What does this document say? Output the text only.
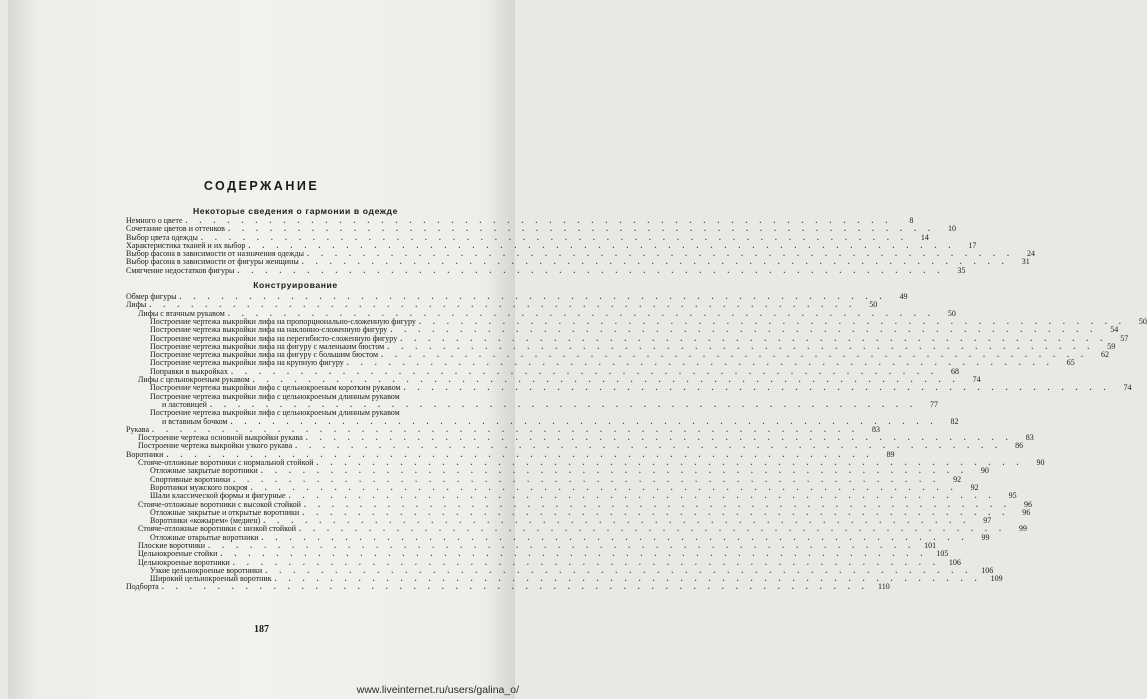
СОДЕРЖАНИЕ
Некоторые сведения о гармонии в одежде
Немного о цвете . . . . . . . . . . . . . . . . . . . . . . . . . . . . . . . . . . . . . . . . . . . . . . . . . . .	8
Сочетание цветов и оттенков . . . . . . . . . . . . . . . . . . . . . . . . . . . . . . . . . . . . . . . . . . . . . . . . . . .	10
Выбор цвета одежды . . . . . . . . . . . . . . . . . . . . . . . . . . . . . . . . . . . . . . . . . . . . . . . . . . .	14
Характеристика тканей и их выбор . . . . . . . . . . . . . . . . . . . . . . . . . . . . . . . . . . . . . . . . . . . . . . . . . . .	17
Выбор фасона в зависимости от назначения одежды . . . . . . . . . . . . . . . . . . . . . . . . . . . . . . . . . . . . . . . . . . . . . . . . . . .	24
Выбор фасона в зависимости от фигуры женщины . . . . . . . . . . . . . . . . . . . . . . . . . . . . . . . . . . . . . . . . . . . . . . . . . . .	31
Смягчение недостатков фигуры . . . . . . . . . . . . . . . . . . . . . . . . . . . . . . . . . . . . . . . . . . . . . . . . . . .	35
Конструирование
Обмер фигуры . . . . . . . . . . . . . . . . . . . . . . . . . . . . . . . . . . . . . . . . . . . . . . . . . . .	49
Лифы . . . . . . . . . . . . . . . . . . . . . . . . . . . . . . . . . . . . . . . . . . . . . . . . . . .	50
Лифы с втачным рукавом . . . . . . . . . . . . . . . . . . . . . . . . . . . . . . . . . . . . . . . . . . . . . . . . . . .	50
Построение чертежа выкройки лифа на пропорционально-сложенную фигуру . . . . . . . . . . . . . . . . . . . . . . . . . . . . . . . . . . . . . . . . . . . . . . . . . . .	50
Построение чертежа выкройки лифа на наклонно-сложенную фигуру . . . . . . . . . . . . . . . . . . . . . . . . . . . . . . . . . . . . . . . . . . . . . . . . . . .	54
Построение чертежа выкройки лифа на перегибисто-сложенную фигуру . . . . . . . . . . . . . . . . . . . . . . . . . . . . . . . . . . . . . . . . . . . . . . . . . . .	57
Построение чертежа выкройки лифа на фигуру с маленьким бюстом . . . . . . . . . . . . . . . . . . . . . . . . . . . . . . . . . . . . . . . . . . . . . . . . . . .	59
Построение чертежа выкройки лифа на фигуру с большим бюстом . . . . . . . . . . . . . . . . . . . . . . . . . . . . . . . . . . . . . . . . . . . . . . . . . . .	62
Построение чертежа выкройки лифа на крупную фигуру . . . . . . . . . . . . . . . . . . . . . . . . . . . . . . . . . . . . . . . . . . . . . . . . . . .	65
Поправки в выкройках . . . . . . . . . . . . . . . . . . . . . . . . . . . . . . . . . . . . . . . . . . . . . . . . . . .	68
Лифы с цельнокроеным рукавом . . . . . . . . . . . . . . . . . . . . . . . . . . . . . . . . . . . . . . . . . . . . . . . . . . .	74
Построение чертежа выкройки лифа с цельнокроеным коротким рукавом . . . . . . . . . . . . . . . . . . . . . . . . . . . . . . . . . . . . . . . . . . . . . . . . . . .	74
Построение чертежа выкройки лифа с цельнокроеным длинным рукавом
и ластовицей . . . . . . . . . . . . . . . . . . . . . . . . . . . . . . . . . . . . . . . . . . . . . . . . . . .	77
Построение чертежа выкройки лифа с цельнокроеным длинным рукавом
и вставным бочком . . . . . . . . . . . . . . . . . . . . . . . . . . . . . . . . . . . . . . . . . . . . . . . . . . .	82
Рукава . . . . . . . . . . . . . . . . . . . . . . . . . . . . . . . . . . . . . . . . . . . . . . . . . . .	83
Построение чертежа основной выкройки рукава . . . . . . . . . . . . . . . . . . . . . . . . . . . . . . . . . . . . . . . . . . . . . . . . . . .	83
Построение чертежа выкройки узкого рукава . . . . . . . . . . . . . . . . . . . . . . . . . . . . . . . . . . . . . . . . . . . . . . . . . . .	86
Воротники . . . . . . . . . . . . . . . . . . . . . . . . . . . . . . . . . . . . . . . . . . . . . . . . . . .	89
Стояче-отложные воротники с нормальной стойкой . . . . . . . . . . . . . . . . . . . . . . . . . . . . . . . . . . . . . . . . . . . . . . . . . . .	90
Отложные закрытые воротники . . . . . . . . . . . . . . . . . . . . . . . . . . . . . . . . . . . . . . . . . . . . . . . . . . .	90
Спортивные воротники . . . . . . . . . . . . . . . . . . . . . . . . . . . . . . . . . . . . . . . . . . . . . . . . . . .	92
Воротники мужского покроя . . . . . . . . . . . . . . . . . . . . . . . . . . . . . . . . . . . . . . . . . . . . . . . . . . .	92
Шали классической формы и фигурные . . . . . . . . . . . . . . . . . . . . . . . . . . . . . . . . . . . . . . . . . . . . . . . . . . .	95
Стояче-отложные воротники с высокой стойкой . . . . . . . . . . . . . . . . . . . . . . . . . . . . . . . . . . . . . . . . . . . . . . . . . . .	96
Отложные закрытые и открытые воротники . . . . . . . . . . . . . . . . . . . . . . . . . . . . . . . . . . . . . . . . . . . . . . . . . . .	96
Воротники «кожырем» (медиен) . . . . . . . . . . . . . . . . . . . . . . . . . . . . . . . . . . . . . . . . . . . . . . . . . . .	97
Стояче-отложные воротники с низкой стойкой . . . . . . . . . . . . . . . . . . . . . . . . . . . . . . . . . . . . . . . . . . . . . . . . . . .	99
Отложные открытые воротники . . . . . . . . . . . . . . . . . . . . . . . . . . . . . . . . . . . . . . . . . . . . . . . . . . .	99
Плоские воротники . . . . . . . . . . . . . . . . . . . . . . . . . . . . . . . . . . . . . . . . . . . . . . . . . . .	101
Цельнокроеные стойки . . . . . . . . . . . . . . . . . . . . . . . . . . . . . . . . . . . . . . . . . . . . . . . . . . .	105
Цельнокроеные воротники . . . . . . . . . . . . . . . . . . . . . . . . . . . . . . . . . . . . . . . . . . . . . . . . . . .	106
Узкие цельнокроеные воротники . . . . . . . . . . . . . . . . . . . . . . . . . . . . . . . . . . . . . . . . . . . . . . . . . . .	106
Широкий цельнокроеный воротник . . . . . . . . . . . . . . . . . . . . . . . . . . . . . . . . . . . . . . . . . . . . . . . . . . .	109
Подборта . . . . . . . . . . . . . . . . . . . . . . . . . . . . . . . . . . . . . . . . . . . . . . . . . . .	110
187
www.liveinternet.ru/users/galina_o/
